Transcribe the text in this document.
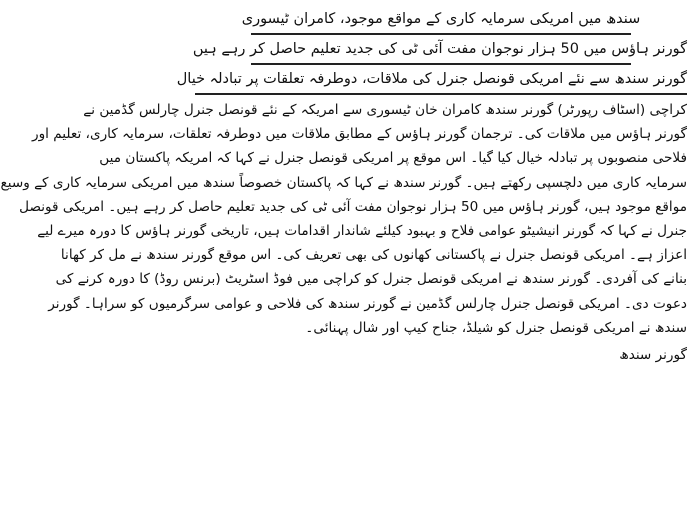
سندھ میں امریکی سرمایہ کاری کے مواقع موجود، کامران ٹیسوری
گورنر ہاؤس میں 50 ہزار نوجوان مفت آئی ٹی کی جدید تعلیم حاصل کر رہے ہیں
گورنر سندھ سے نئے امریکی قونصل جنرل کی ملاقات، دوطرفہ تعلقات پر تبادلہ خیال
کراچی (اسٹاف رپورٹر) گورنر سندھ کامران خان ٹیسوری سے امریکہ کے نئے قونصل جنرل چارلس گڈمین نے
گورنر ہاؤس میں ملاقات کی۔ ترجمان گورنر ہاؤس کے مطابق ملاقات میں دوطرفہ تعلقات، سرمایہ کاری، تعلیم اور
فلاحی منصوبوں پر تبادلہ خیال کیا گیا۔ اس موقع پر امریکی قونصل جنرل نے کہا کہ امریکہ پاکستان میں
سرمایہ کاری میں دلچسپی رکھتے ہیں۔ گورنر سندھ نے کہا کہ پاکستان خصوصاً سندھ میں امریکی سرمایہ کاری کے وسیع
مواقع موجود ہیں، گورنر ہاؤس میں 50 ہزار نوجوان مفت آئی ٹی کی جدید تعلیم حاصل کر رہے ہیں۔ امریکی قونصل
جنرل نے کہا کہ گورنر انیشیٹو عوامی فلاح و بہبود کیلئے شاندار اقدامات ہیں، تاریخی گورنر ہاؤس کا دورہ میرے لیے
اعزاز ہے۔ امریکی قونصل جنرل نے پاکستانی کھانوں کی بھی تعریف کی۔ اس موقع گورنر سندھ نے مل کر کھانا
بنانے کی آفردی۔ گورنر سندھ نے امریکی قونصل جنرل کو کراچی میں فوڈ اسٹریٹ (برنس روڈ) کا دورہ کرنے کی
دعوت دی۔ امریکی قونصل جنرل چارلس گڈمین نے گورنر سندھ کی فلاحی و عوامی سرگرمیوں کو سراہا۔ گورنر
سندھ نے امریکی قونصل جنرل کو شیلڈ، جناح کیپ اور شال پہنائی۔
گورنر سندھ
